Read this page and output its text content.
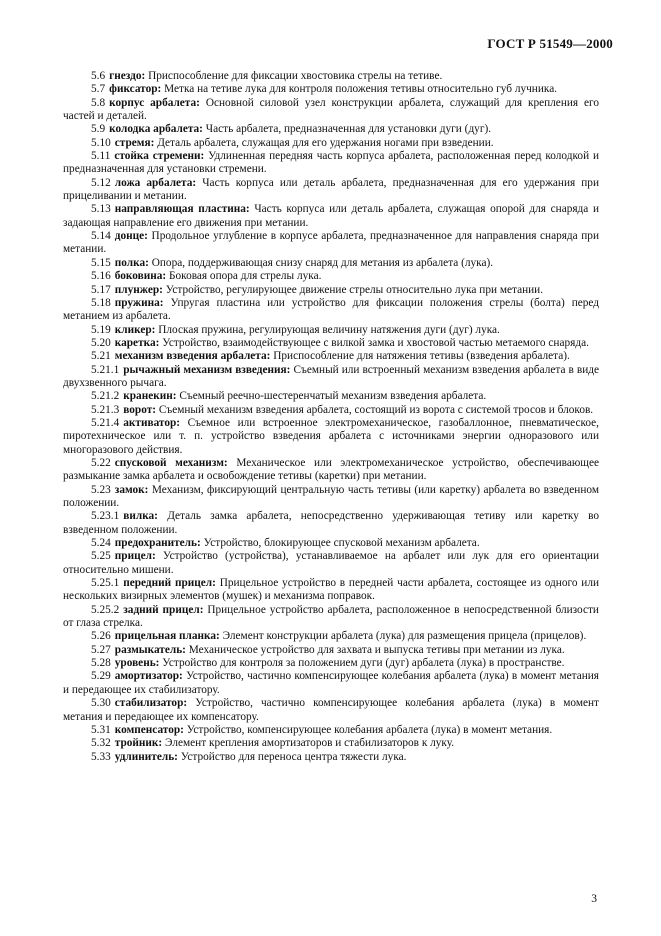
ГОСТ Р 51549—2000

5.6 гнездо: Приспособление для фиксации хвостовика стрелы на тетиве.

5.7 фиксатор: Метка на тетиве лука для контроля положения тетивы относительно губ лучника.

5.8 корпус арбалета: Основной силовой узел конструкции арбалета, служащий для крепления его частей и деталей.

5.9 колодка арбалета: Часть арбалета, предназначенная для установки дуги (дуг).

5.10 стремя: Деталь арбалета, служащая для его удержания ногами при взведении.

5.11 стойка стремени: Удлиненная передняя часть корпуса арбалета, расположенная перед колодкой и предназначенная для установки стремени.

5.12 ложа арбалета: Часть корпуса или деталь арбалета, предназначенная для его удержания при прицеливании и метании.

5.13 направляющая пластина: Часть корпуса или деталь арбалета, служащая опорой для снаряда и задающая направление его движения при метании.

5.14 донце: Продольное углубление в корпусе арбалета, предназначенное для направления снаряда при метании.

5.15 полка: Опора, поддерживающая снизу снаряд для метания из арбалета (лука).

5.16 боковина: Боковая опора для стрелы лука.

5.17 плунжер: Устройство, регулирующее движение стрелы относительно лука при метании.

5.18 пружина: Упругая пластина или устройство для фиксации положения стрелы (болта) перед метанием из арбалета.

5.19 кликер: Плоская пружина, регулирующая величину натяжения дуги (дуг) лука.

5.20 каретка: Устройство, взаимодействующее с вилкой замка и хвостовой частью метаемого снаряда.

5.21 механизм взведения арбалета: Приспособление для натяжения тетивы (взведения арбалета).

5.21.1 рычажный механизм взведения: Съемный или встроенный механизм взведения арбалета в виде двухзвенного рычага.

5.21.2 кранекин: Съемный реечно-шестеренчатый механизм взведения арбалета.

5.21.3 ворот: Съемный механизм взведения арбалета, состоящий из ворота с системой тросов и блоков.

5.21.4 активатор: Съемное или встроенное электромеханическое, газобаллонное, пневматическое, пиротехническое или т. п. устройство взведения арбалета с источниками энергии одноразового или многоразового действия.

5.22 спусковой механизм: Механическое или электромеханическое устройство, обеспечивающее размыкание замка арбалета и освобождение тетивы (каретки) при метании.

5.23 замок: Механизм, фиксирующий центральную часть тетивы (или каретку) арбалета во взведенном положении.

5.23.1 вилка: Деталь замка арбалета, непосредственно удерживающая тетиву или каретку во взведенном положении.

5.24 предохранитель: Устройство, блокирующее спусковой механизм арбалета.

5.25 прицел: Устройство (устройства), устанавливаемое на арбалет или лук для его ориентации относительно мишени.

5.25.1 передний прицел: Прицельное устройство в передней части арбалета, состоящее из одного или нескольких визирных элементов (мушек) и механизма поправок.

5.25.2 задний прицел: Прицельное устройство арбалета, расположенное в непосредственной близости от глаза стрелка.

5.26 прицельная планка: Элемент конструкции арбалета (лука) для размещения прицела (прицелов).

5.27 размыкатель: Механическое устройство для захвата и выпуска тетивы при метании из лука.

5.28 уровень: Устройство для контроля за положением дуги (дуг) арбалета (лука) в пространстве.

5.29 амортизатор: Устройство, частично компенсирующее колебания арбалета (лука) в момент метания и передающее их стабилизатору.

5.30 стабилизатор: Устройство, частично компенсирующее колебания арбалета (лука) в момент метания и передающее их компенсатору.

5.31 компенсатор: Устройство, компенсирующее колебания арбалета (лука) в момент метания.

5.32 тройник: Элемент крепления амортизаторов и стабилизаторов к луку.

5.33 удлинитель: Устройство для переноса центра тяжести лука.

3
